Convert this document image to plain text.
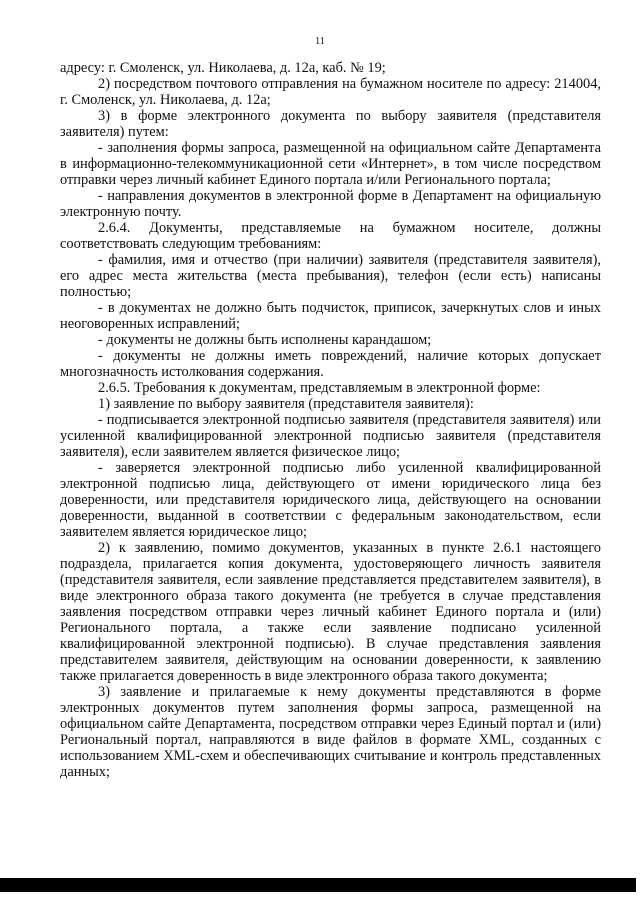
11

адресу: г. Смоленск, ул. Николаева, д. 12а, каб. № 19;

2) посредством почтового отправления на бумажном носителе по адресу: 214004, г. Смоленск, ул. Николаева, д. 12а;

3) в форме электронного документа по выбору заявителя (представителя заявителя) путем:

- заполнения формы запроса, размещенной на официальном сайте Департамента в информационно-телекоммуникационной сети «Интернет», в том числе посредством отправки через личный кабинет Единого портала и/или Регионального портала;

- направления документов в электронной форме в Департамент на официальную электронную почту.

2.6.4. Документы, представляемые на бумажном носителе, должны соответствовать следующим требованиям:

- фамилия, имя и отчество (при наличии) заявителя (представителя заявителя), его адрес места жительства (места пребывания), телефон (если есть) написаны полностью;

- в документах не должно быть подчисток, приписок, зачеркнутых слов и иных неоговоренных исправлений;

- документы не должны быть исполнены карандашом;

- документы не должны иметь повреждений, наличие которых допускает многозначность истолкования содержания.

2.6.5. Требования к документам, представляемым в электронной форме:

1) заявление по выбору заявителя (представителя заявителя):

- подписывается электронной подписью заявителя (представителя заявителя) или усиленной квалифицированной электронной подписью заявителя (представителя заявителя), если заявителем является физическое лицо;

- заверяется электронной подписью либо усиленной квалифицированной электронной подписью лица, действующего от имени юридического лица без доверенности, или представителя юридического лица, действующего на основании доверенности, выданной в соответствии с федеральным законодательством, если заявителем является юридическое лицо;

2) к заявлению, помимо документов, указанных в пункте 2.6.1 настоящего подраздела, прилагается копия документа, удостоверяющего личность заявителя (представителя заявителя, если заявление представляется представителем заявителя), в виде электронного образа такого документа (не требуется в случае представления заявления посредством отправки через личный кабинет Единого портала и (или) Регионального портала, а также если заявление подписано усиленной квалифицированной электронной подписью). В случае представления заявления представителем заявителя, действующим на основании доверенности, к заявлению также прилагается доверенность в виде электронного образа такого документа;

3) заявление и прилагаемые к нему документы представляются в форме электронных документов путем заполнения формы запроса, размещенной на официальном сайте Департамента, посредством отправки через Единый портал и (или) Региональный портал, направляются в виде файлов в формате XML, созданных с использованием XML-схем и обеспечивающих считывание и контроль представленных данных;
